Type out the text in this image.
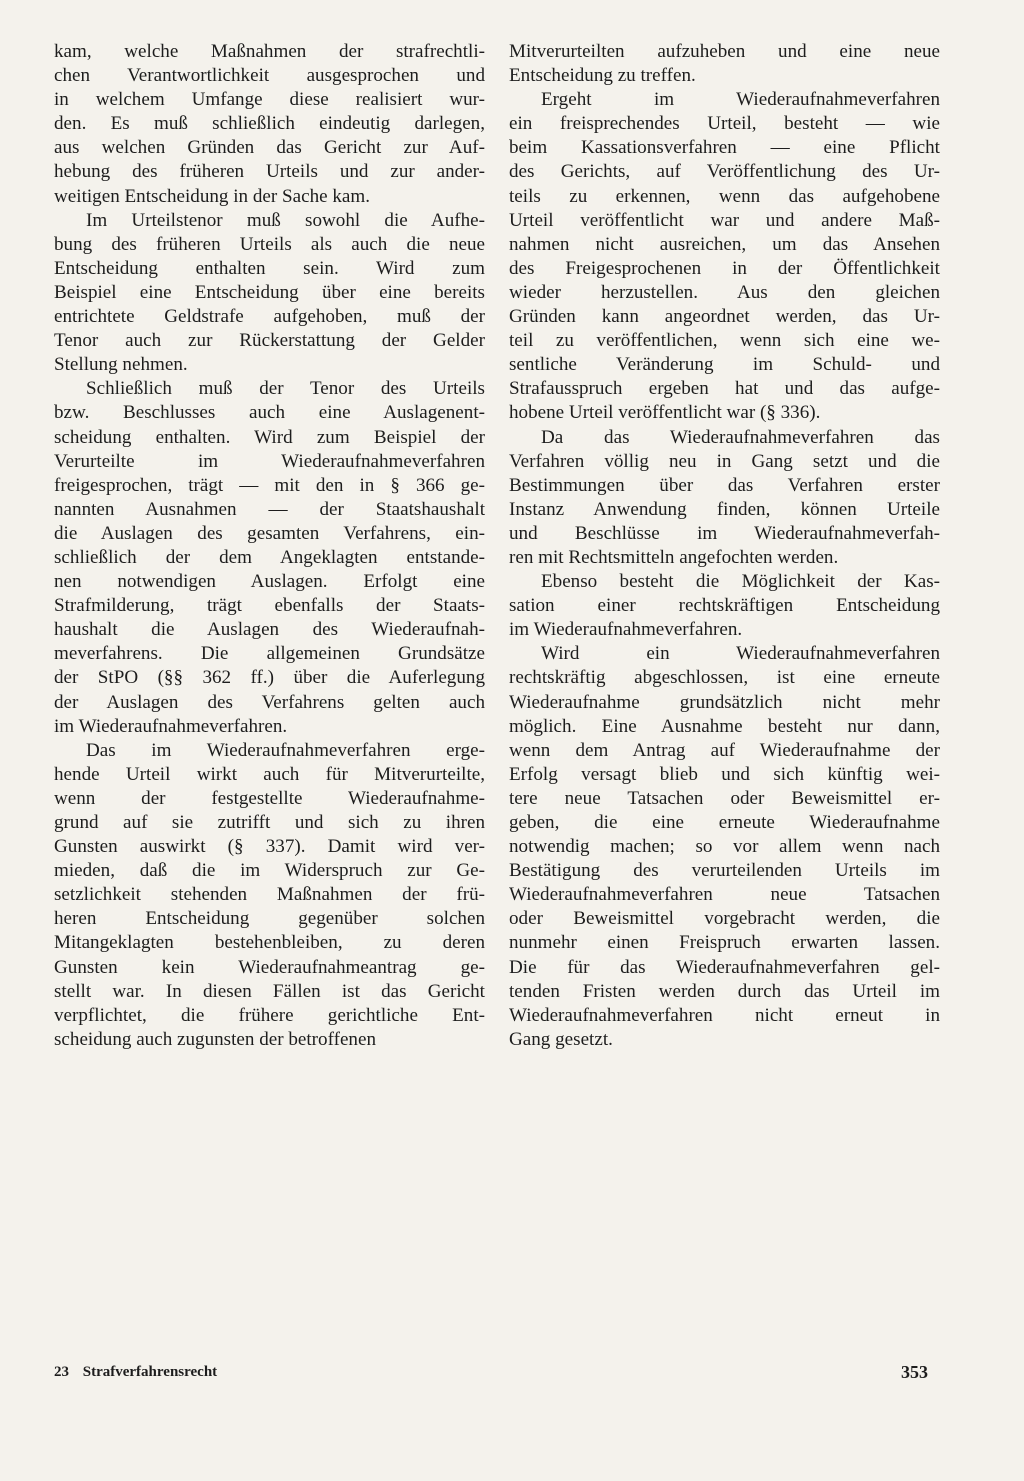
kam, welche Maßnahmen der strafrechtli-
chen Verantwortlichkeit ausgesprochen und
in welchem Umfange diese realisiert wur-
den. Es muß schließlich eindeutig darlegen,
aus welchen Gründen das Gericht zur Auf-
hebung des früheren Urteils und zur ander-
weitigen Entscheidung in der Sache kam.

Im Urteilstenor muß sowohl die Aufhe-
bung des früheren Urteils als auch die neue
Entscheidung enthalten sein. Wird zum
Beispiel eine Entscheidung über eine bereits
entrichtete Geldstrafe aufgehoben, muß der
Tenor auch zur Rückerstattung der Gelder
Stellung nehmen.

Schließlich muß der Tenor des Urteils
bzw. Beschlusses auch eine Auslagenent-
scheidung enthalten. Wird zum Beispiel der
Verurteilte im Wiederaufnahmeverfahren
freigesprochen, trägt — mit den in § 366 ge-
nannten Ausnahmen — der Staatshaushalt
die Auslagen des gesamten Verfahrens, ein-
schließlich der dem Angeklagten entstande-
nen notwendigen Auslagen. Erfolgt eine
Strafmilderung, trägt ebenfalls der Staats-
haushalt die Auslagen des Wiederaufnah-
meverfahrens. Die allgemeinen Grundsätze
der StPO (§§ 362 ff.) über die Auferlegung
der Auslagen des Verfahrens gelten auch
im Wiederaufnahmeverfahren.

Das im Wiederaufnahmeverfahren erge-
hende Urteil wirkt auch für Mitverurteilte,
wenn der festgestellte Wiederaufnahme-
grund auf sie zutrifft und sich zu ihren
Gunsten auswirkt (§ 337). Damit wird ver-
mieden, daß die im Widerspruch zur Ge-
setzlichkeit stehenden Maßnahmen der frü-
heren Entscheidung gegenüber solchen
Mitangeklagten bestehenbleiben, zu deren
Gunsten kein Wiederaufnahmeantrag ge-
stellt war. In diesen Fällen ist das Gericht
verpflichtet, die frühere gerichtliche Ent-
scheidung auch zugunsten der betroffenen

Mitverurteilten aufzuheben und eine neue
Entscheidung zu treffen.

Ergeht im Wiederaufnahmeverfahren
ein freisprechendes Urteil, besteht — wie
beim Kassationsverfahren — eine Pflicht
des Gerichts, auf Veröffentlichung des Ur-
teils zu erkennen, wenn das aufgehobene
Urteil veröffentlicht war und andere Maß-
nahmen nicht ausreichen, um das Ansehen
des Freigesprochenen in der Öffentlichkeit
wieder herzustellen. Aus den gleichen
Gründen kann angeordnet werden, das Ur-
teil zu veröffentlichen, wenn sich eine we-
sentliche Veränderung im Schuld- und
Strafausspruch ergeben hat und das aufge-
hobene Urteil veröffentlicht war (§ 336).

Da das Wiederaufnahmeverfahren das
Verfahren völlig neu in Gang setzt und die
Bestimmungen über das Verfahren erster
Instanz Anwendung finden, können Urteile
und Beschlüsse im Wiederaufnahmeverfah-
ren mit Rechtsmitteln angefochten werden.

Ebenso besteht die Möglichkeit der Kas-
sation einer rechtskräftigen Entscheidung
im Wiederaufnahmeverfahren.

Wird ein Wiederaufnahmeverfahren
rechtskräftig abgeschlossen, ist eine erneute
Wiederaufnahme grundsätzlich nicht mehr
möglich. Eine Ausnahme besteht nur dann,
wenn dem Antrag auf Wiederaufnahme der
Erfolg versagt blieb und sich künftig wei-
tere neue Tatsachen oder Beweismittel er-
geben, die eine erneute Wiederaufnahme
notwendig machen; so vor allem wenn nach
Bestätigung des verurteilenden Urteils im
Wiederaufnahmeverfahren neue Tatsachen
oder Beweismittel vorgebracht werden, die
nunmehr einen Freispruch erwarten lassen.
Die für das Wiederaufnahmeverfahren gel-
tenden Fristen werden durch das Urteil im
Wiederaufnahmeverfahren nicht erneut in
Gang gesetzt.

23 Strafverfahrensrecht	353
